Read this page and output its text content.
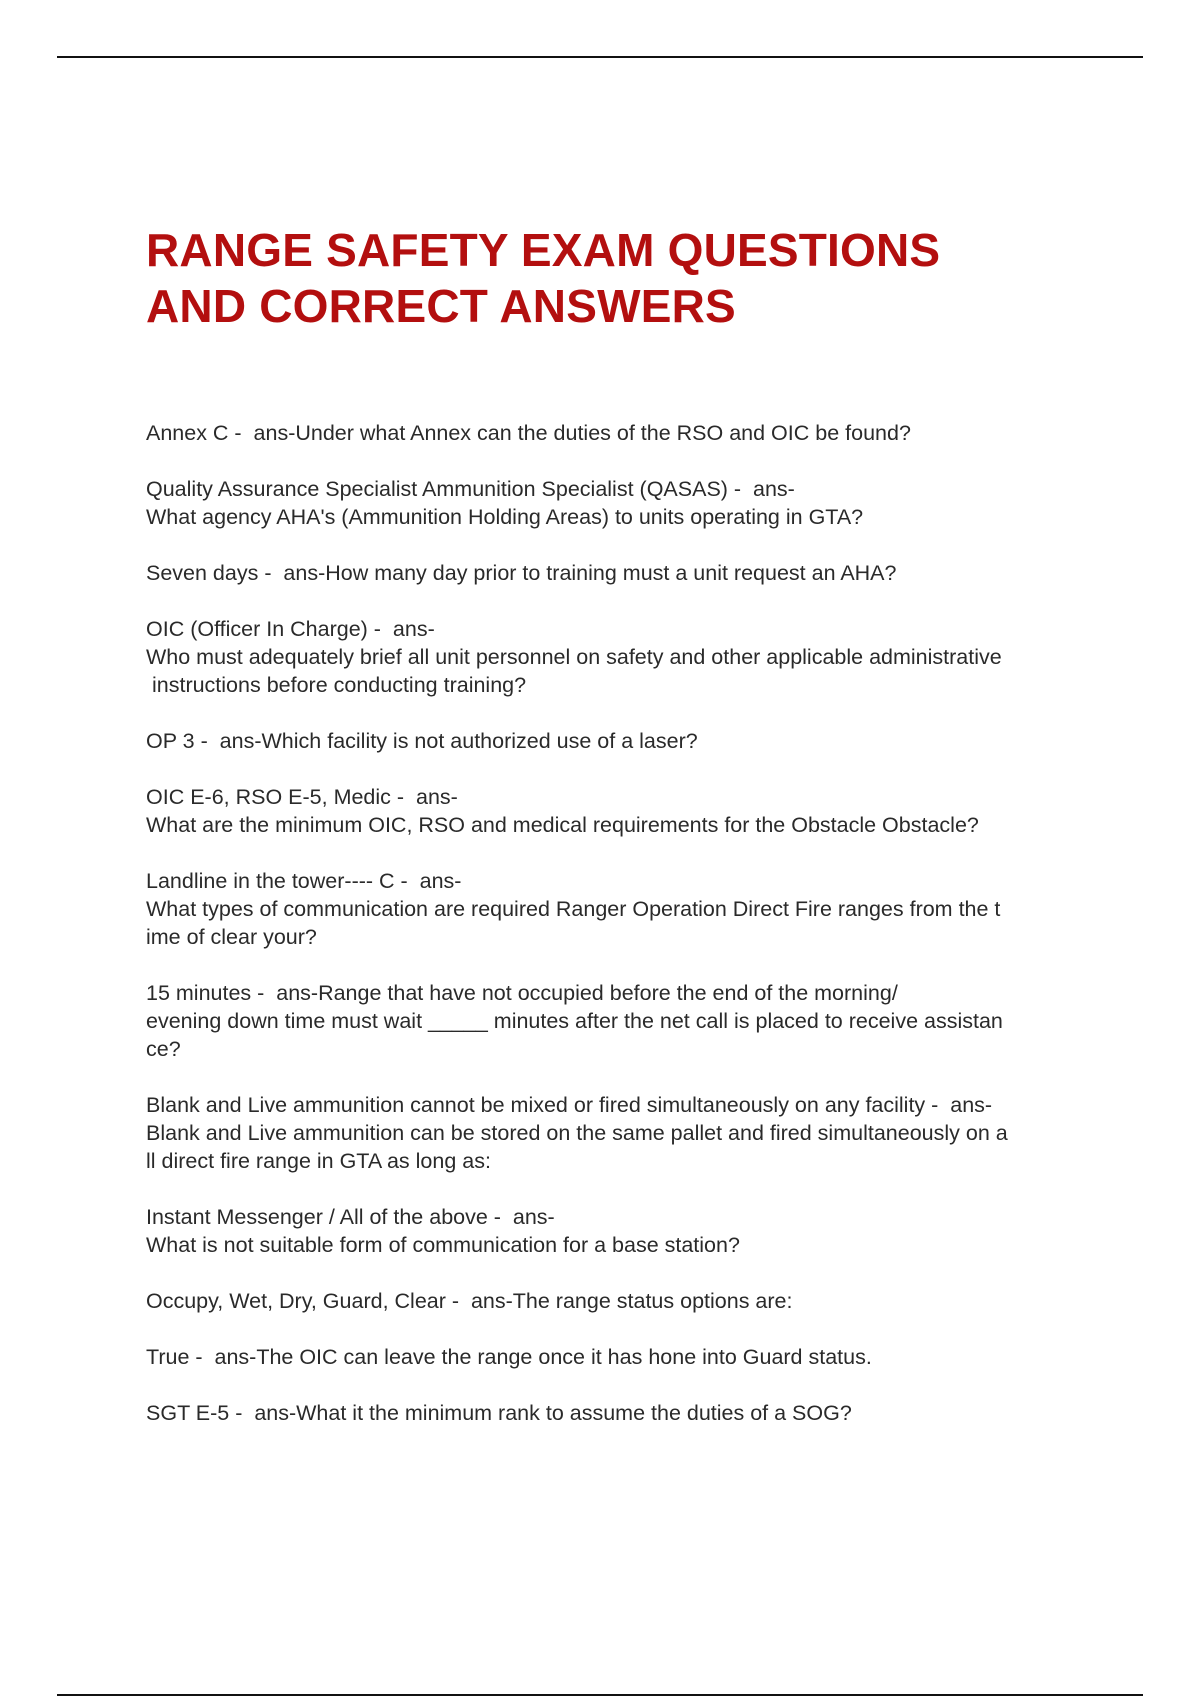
RANGE SAFETY EXAM QUESTIONS
AND CORRECT ANSWERS
Annex C -  ans-Under what Annex can the duties of the RSO and OIC be found?
Quality Assurance Specialist Ammunition Specialist (QASAS) -  ans-
What agency AHA's (Ammunition Holding Areas) to units operating in GTA?
Seven days -  ans-How many day prior to training must a unit request an AHA?
OIC (Officer In Charge) -  ans-
Who must adequately brief all unit personnel on safety and other applicable administrative
instructions before conducting training?
OP 3 -  ans-Which facility is not authorized use of a laser?
OIC E-6, RSO E-5, Medic -  ans-
What are the minimum OIC, RSO and medical requirements for the Obstacle Obstacle?
Landline in the tower---- C -  ans-
What types of communication are required Ranger Operation Direct Fire ranges from the t
ime of clear your?
15 minutes -  ans-Range that have not occupied before the end of the morning/
evening down time must wait _____ minutes after the net call is placed to receive assistan
ce?
Blank and Live ammunition cannot be mixed or fired simultaneously on any facility -  ans-
Blank and Live ammunition can be stored on the same pallet and fired simultaneously on a
ll direct fire range in GTA as long as:
Instant Messenger / All of the above -  ans-
What is not suitable form of communication for a base station?
Occupy, Wet, Dry, Guard, Clear -  ans-The range status options are:
True -  ans-The OIC can leave the range once it has hone into Guard status.
SGT E-5 -  ans-What it the minimum rank to assume the duties of a SOG?
